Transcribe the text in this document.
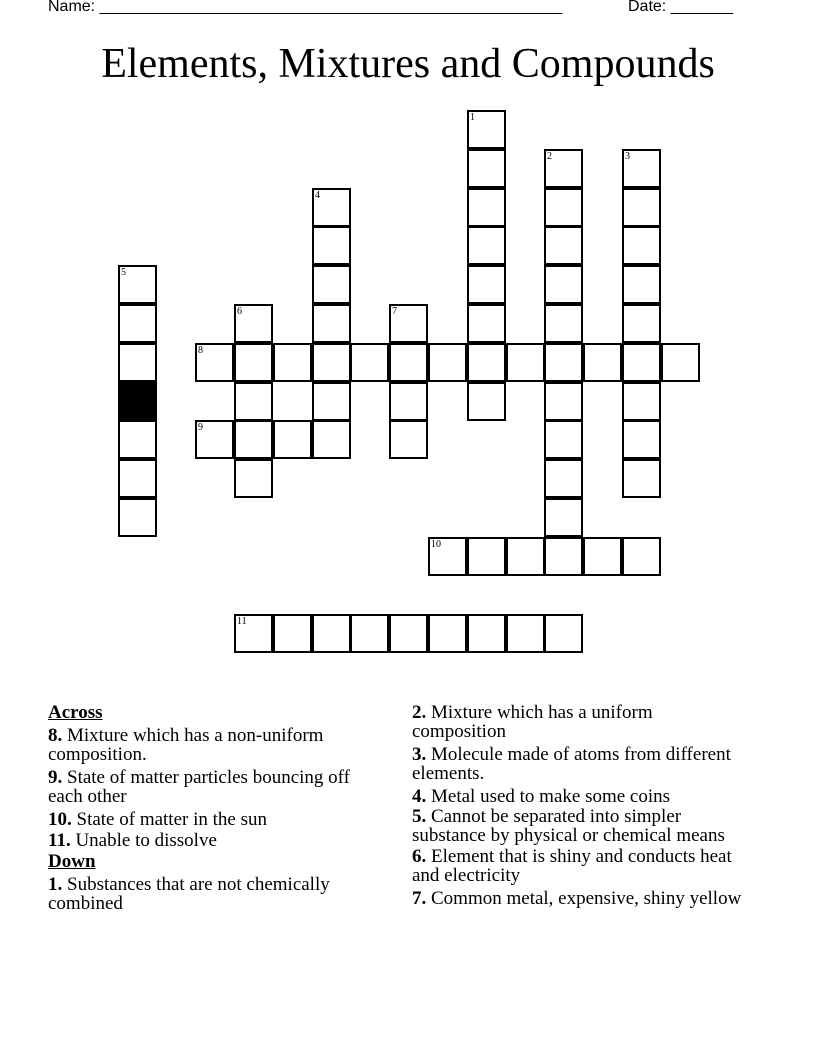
Name: ____________________________________________________	Date: _______
Elements, Mixtures and Compounds
1
2	3
4
5
6	7
8
9
10
11
Across
8. Mixture which has a non-uniform composition.
9. State of matter particles bouncing off each other
10. State of matter in the sun
11. Unable to dissolve
Down
1. Substances that are not chemically combined
2. Mixture which has a uniform composition
3. Molecule made of atoms from different elements.
4. Metal used to make some coins
5. Cannot be separated into simpler substance by physical or chemical means
6. Element that is shiny and conducts heat and electricity
7. Common metal, expensive, shiny yellow
